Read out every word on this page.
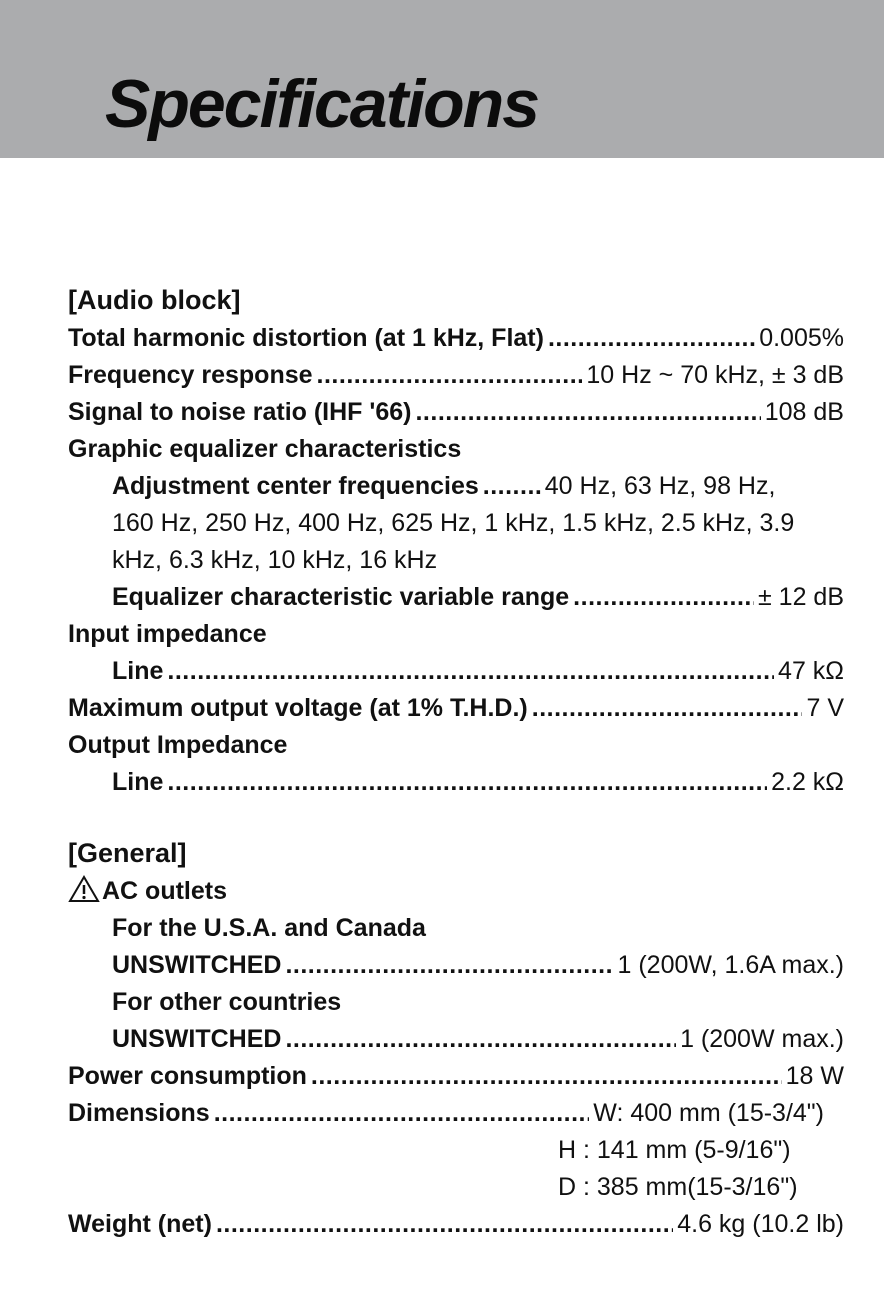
Specifications
[Audio block]
Total harmonic distortion (at 1 kHz, Flat) .....	0.005%
Frequency response .....	10 Hz ~ 70 kHz, ± 3 dB
Signal to noise ratio (IHF '66) .....	108 dB
Graphic equalizer characteristics
Adjustment center frequencies .....	40 Hz, 63 Hz, 98 Hz,
160 Hz, 250 Hz, 400 Hz, 625 Hz, 1 kHz, 1.5 kHz, 2.5 kHz, 3.9
kHz, 6.3 kHz, 10 kHz, 16 kHz
Equalizer characteristic variable range .....	± 12 dB
Input impedance
Line .....	47 kΩ
Maximum output voltage (at 1% T.H.D.) .....	7 V
Output Impedance
Line .....	2.2 kΩ
[General]
AC outlets
For the U.S.A. and Canada
UNSWITCHED .....	1 (200W, 1.6A max.)
For other countries
UNSWITCHED .....	1 (200W max.)
Power consumption .....	18 W
Dimensions .....	W: 400 mm (15-3/4")
H : 141 mm (5-9/16")
D : 385 mm(15-3/16")
Weight (net) .....	4.6 kg (10.2 lb)
